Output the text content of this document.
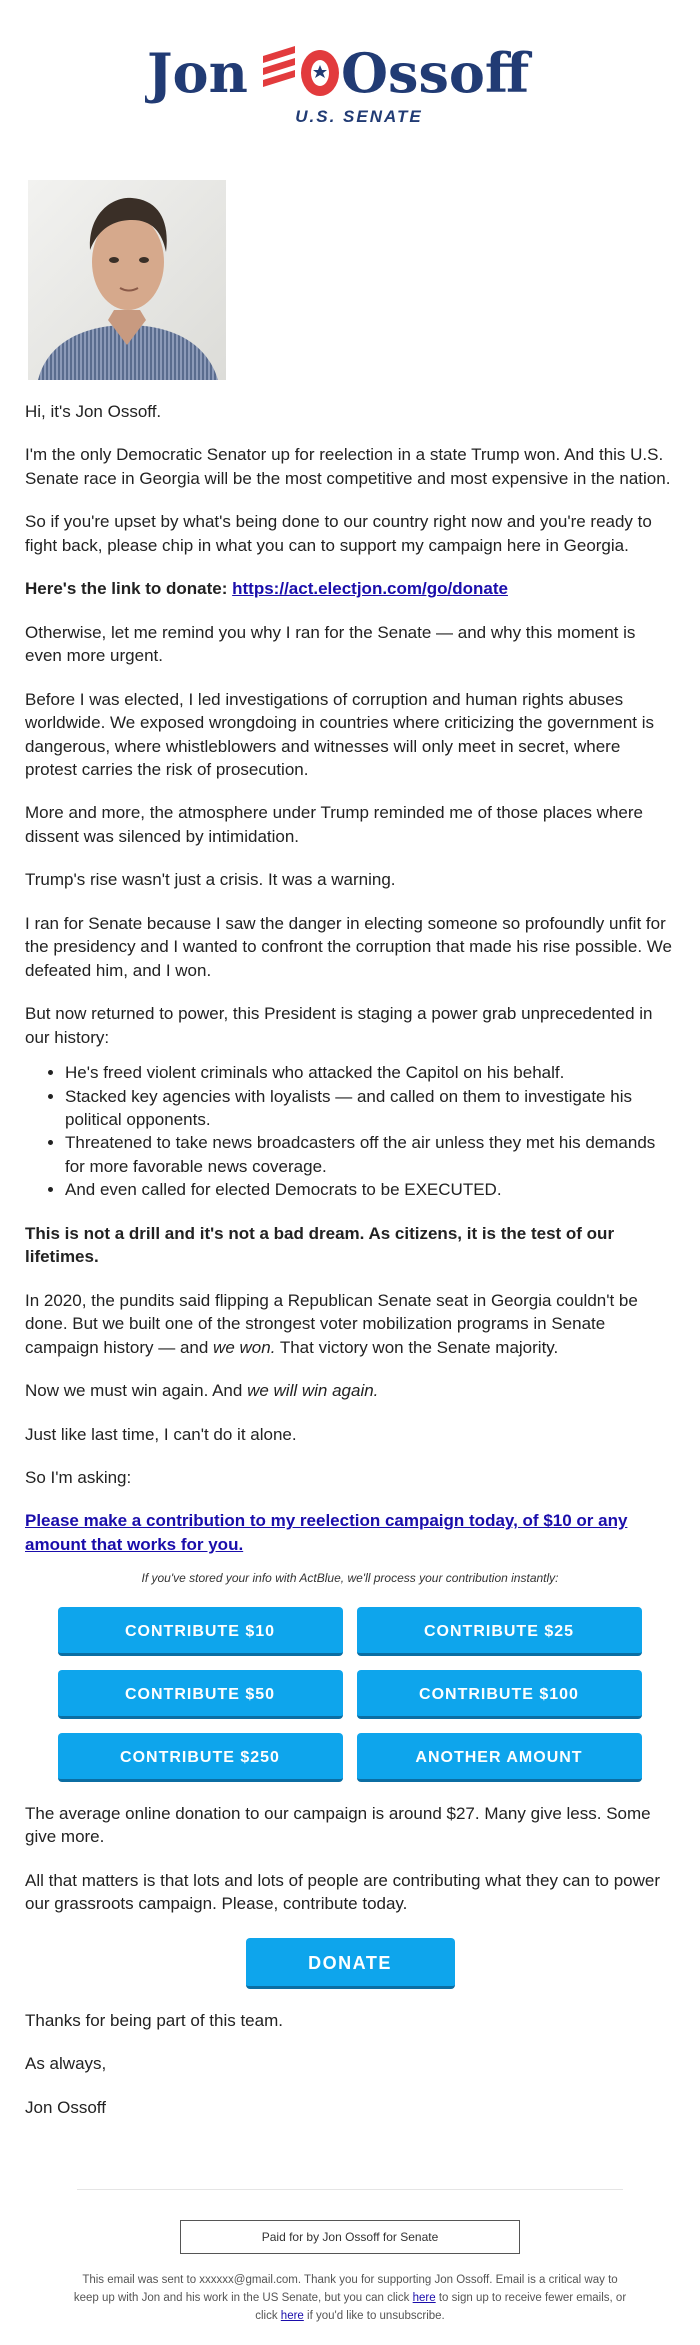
Jon Ossoff
U.S. SENATE

Hi, it's Jon Ossoff.

I'm the only Democratic Senator up for reelection in a state Trump won. And this U.S. Senate race in Georgia will be the most competitive and most expensive in the nation.

So if you're upset by what's being done to our country right now and you're ready to fight back, please chip in what you can to support my campaign here in Georgia.

Here's the link to donate: https://act.electjon.com/go/donate

Otherwise, let me remind you why I ran for the Senate — and why this moment is even more urgent.

Before I was elected, I led investigations of corruption and human rights abuses worldwide. We exposed wrongdoing in countries where criticizing the government is dangerous, where whistleblowers and witnesses will only meet in secret, where protest carries the risk of prosecution.

More and more, the atmosphere under Trump reminded me of those places where dissent was silenced by intimidation.

Trump's rise wasn't just a crisis. It was a warning.

I ran for Senate because I saw the danger in electing someone so profoundly unfit for the presidency and I wanted to confront the corruption that made his rise possible. We defeated him, and I won.

But now returned to power, this President is staging a power grab unprecedented in our history:

• He's freed violent criminals who attacked the Capitol on his behalf.
• Stacked key agencies with loyalists — and called on them to investigate his political opponents.
• Threatened to take news broadcasters off the air unless they met his demands for more favorable news coverage.
• And even called for elected Democrats to be EXECUTED.

This is not a drill and it's not a bad dream. As citizens, it is the test of our lifetimes.

In 2020, the pundits said flipping a Republican Senate seat in Georgia couldn't be done. But we built one of the strongest voter mobilization programs in Senate campaign history — and we won. That victory won the Senate majority.

Now we must win again. And we will win again.

Just like last time, I can't do it alone.

So I'm asking:

Please make a contribution to my reelection campaign today, of $10 or any amount that works for you.

If you've stored your info with ActBlue, we'll process your contribution instantly:

CONTRIBUTE $10	CONTRIBUTE $25
CONTRIBUTE $50	CONTRIBUTE $100
CONTRIBUTE $250	ANOTHER AMOUNT

The average online donation to our campaign is around $27. Many give less. Some give more.

All that matters is that lots and lots of people are contributing what they can to power our grassroots campaign. Please, contribute today.

DONATE

Thanks for being part of this team.

As always,

Jon Ossoff

Paid for by Jon Ossoff for Senate
This email was sent to xxxxxx@gmail.com. Thank you for supporting Jon Ossoff. Email is a critical way to keep up with Jon and his work in the US Senate, but you can click here to sign up to receive fewer emails, or click here if you'd like to unsubscribe.
